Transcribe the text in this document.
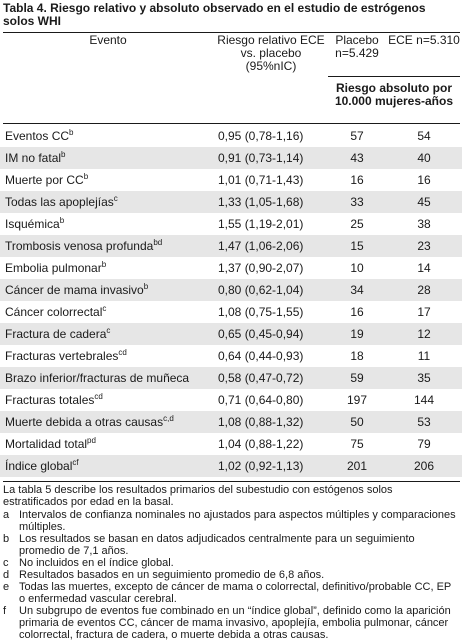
Tabla 4. Riesgo relativo y absoluto observado en el estudio de estrógenos solos WHI
Evento	Riesgo relativo ECE vs. placebo (95%nIC)
Placebo n=5.429
ECE n=5.310
Riesgo absoluto por 10.000 mujeres-años
Eventos $CC^b$	0,95 (0,78-1,16)	57	54
IM no fatal$^b$	0,91 (0,73-1,14)	43	40
Muerte por $CC^b$	1,01 (0,71-1,43)	16	16
Todas las apoplejías$^c$	1,33 (1,05-1,68)	33	45
Isquémica$^b$	1,55 (1,19-2,01)	25	38
Trombosis venosa profunda$^{bd}$	1,47 (1,06-2,06)	15	23
Embolia pulmonar$^b$	1,37 (0,90-2,07)	10	14
Cáncer de mama invasivo$^b$	0,80 (0,62-1,04)	34	28
Cáncer colorrectal$^c$	1,08 (0,75-1,55)	16	17
Fractura de cadera$^c$	0,65 (0,45-0,94)	19	12
Fracturas vertebrales$^{cd}$	0,64 (0,44-0,93)	18	11
Brazo inferior/fracturas de muñeca 0,58 (0,47-0,72)	59	35
Fracturas totales$^{cd}$	0,71 (0,64-0,80)	197	144
Muerte debida a otras causas$^{c,d}$	1,08 (0,88-1,32)	50	53
Mortalidad total$^{pd}$	1,04 (0,88-1,22)	75	79
Índice global$^{cf}$	1,02 (0,92-1,13)	201	206
La tabla 5 describe los resultados primarios del subestudio con estógenos solos estratificados por edad en la basal.
a Intervalos de confianza nominales no ajustados para aspectos múltiples y comparaciones múltiples.
b Los resultados se basan en datos adjudicados centralmente para un seguimiento promedio de 7,1 años.
c No incluidos en el índice global.
d Resultados basados en un seguimiento promedio de 6,8 años.
e Todas las muertes, excepto de cáncer de mama o colorrectal, definitivo/probable CC, EP o enfermedad vascular cerebral.
f	Un subgrupo de eventos fue combinado en un “índice global”, definido como la aparición primaria de eventos CC, cáncer de mama invasivo, apoplejía, embolia pulmonar, cáncer colorrectal, fractura de cadera, o muerte debida a otras causas.
